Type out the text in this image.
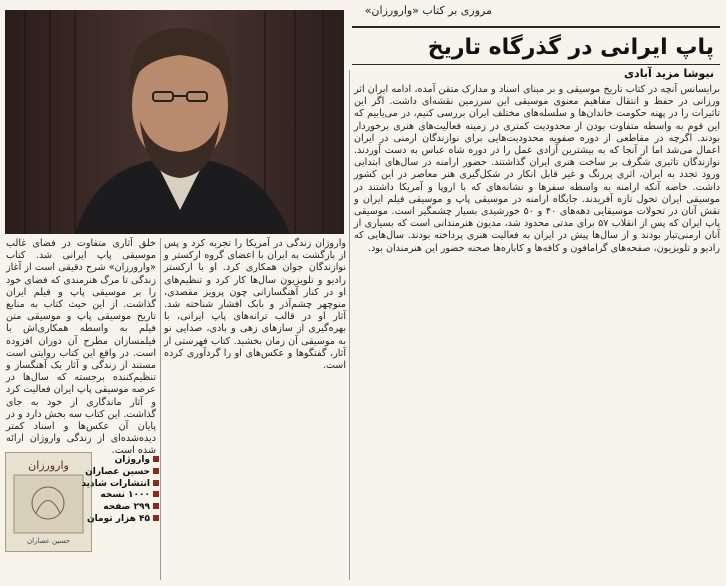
مروری بر کتاب «وارورزان»
پاپ ایرانی در گذرگاه تاریخ
نیوشا مزید آبادی
برایسانس آنچه در کتاب تاریخ موسیقی و بر مبنای اسناد و مدارک متقن آمده، ادامه ایران اثر ورزانی در حفظ و انتقال مفاهیم معنوی موسیقی این سرزمین نقشه‌ای داشت. اگر این تاثیرات را در پهنه حکومت خاندان‌ها و سلسله‌های مختلف ایران بررسی کنیم، در می‌یابیم که این قوم به واسطه متفاوت بودن از محدودیت کمتری در زمینه فعالیت‌های هنری برخوردار بودند. اگرچه در مقاطعی از دوره صفویه محدودیت‌هایی برای نوازندگان ارمنی در ایران اعمال می‌شد اما از آنجا که به بیشترین آزادی عمل را در دوره شاه عباس به دست آوردند. نوازندگان تاثیری شگرف بر ساخت هنری ایران گذاشتند. حضور ارامنه در سال‌های ابتدایی ورود تجدد به ایران، اثری پررنگ و غیر قابل انکار در شکل‌گیری هنر معاصر در این کشور داشت. خاصه آنکه ارامنه به واسطه سفرها و نشانه‌های که با اروپا و آمریکا داشتند در موسیقی ایران تحول تازه آفریدند. جایگاه ارامنه در موسیقی پاپ و موسیقی فیلم ایران و نقش آنان در تحولات موسیقایی دهه‌های ۴۰ و ۵۰ خورشیدی بسیار چشمگیر است. موسیقی پاپ ایران که پس از انقلاب ۵۷ برای مدتی محدود شد، مدیون هنرمندانی است که بسیاری از آنان ارمنی‌تبار بودند و از سال‌ها پیش در ایران به فعالیت هنری پرداخته بودند. سال‌هایی که رادیو و تلویزیون، صفحه‌های گرامافون و کافه‌ها و کاباره‌ها صحنه حضور این هنرمندان بود.
واروژان زندگی در آمریکا را تجربه کرد و پس از بازگشت به ایران با اعضای گروه ارکستر و نوازندگان جوان همکاری کرد. او با ارکستر رادیو و تلویزیون سال‌ها کار کرد و تنظیم‌های او در کنار آهنگسازانی چون پرویز مقصدی، منوچهر چشم‌آذر و بابک افشار شناخته شد. آثار او در قالب ترانه‌های پاپ ایرانی، با بهره‌گیری از سازهای زهی و بادی، صدایی نو به موسیقی آن زمان بخشید. کتاب فهرستی از آثار، گفتگوها و عکس‌های او را گردآوری کرده است.
خلق آثاری متفاوت در فضای غالب موسیقی پاپ ایرانی شد. کتاب «وارورزان» شرح دقیقی است از آغاز زندگی تا مرگ هنرمندی که فضای خود را بر موسیقی پاپ و فیلم ایران گذاشت. از این حیث کتاب به منابع تاریخ موسیقی پاپ و موسیقی متن فیلم به واسطه همکاری‌اش با فیلمسازان مطرح آن دوران افزوده است. در واقع این کتاب روایتی است مستند از زندگی و آثار یک آهنگساز و تنظیم‌کننده برجسته که سال‌ها در عرصه موسیقی پاپ ایران فعالیت کرد و آثار ماندگاری از خود به جای گذاشت. این کتاب سه بخش دارد و در پایان آن عکس‌ها و اسناد کمتر دیده‌شده‌ای از زندگی واروژان ارائه شده است.
وارورزان
حسین عصاران
واروژان
حسین عصاران
انتشارات شادید
۱۰۰۰ نسخه
۲۹۹ صفحه
۴۵ هزار تومان
